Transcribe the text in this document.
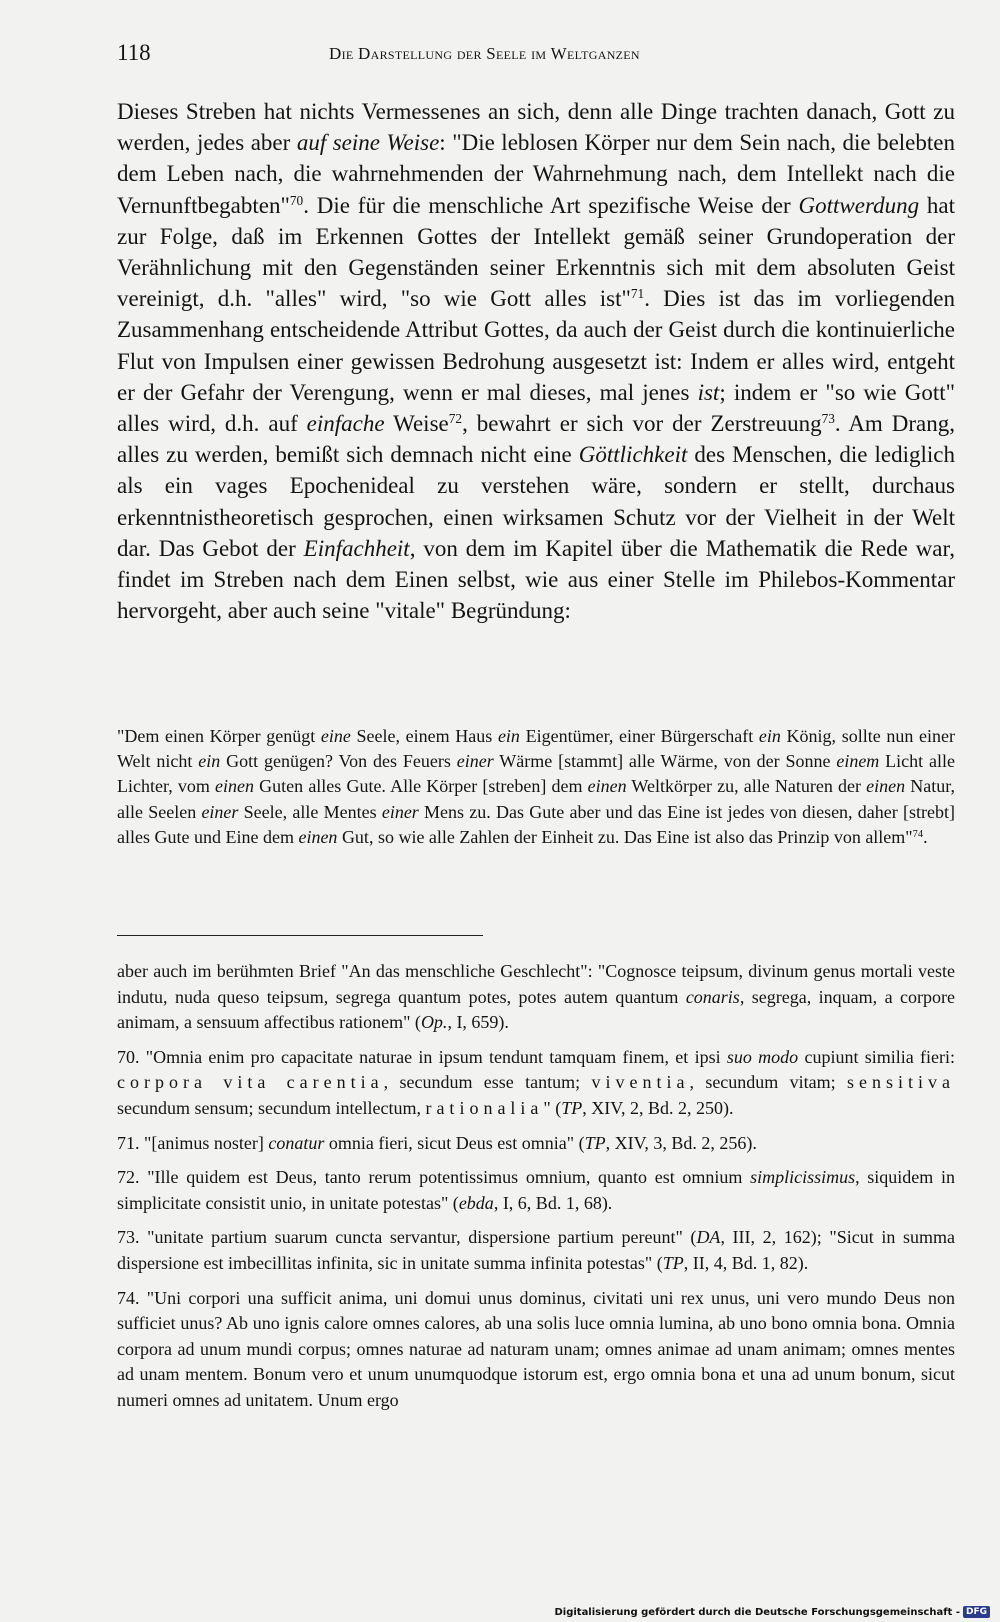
118	Die Darstellung der Seele im Weltganzen

Dieses Streben hat nichts Vermessenes an sich, denn alle Dinge trachten danach, Gott zu werden, jedes aber auf seine Weise: "Die leblosen Körper nur dem Sein nach, die belebten dem Leben nach, die wahrnehmenden der Wahrnehmung nach, dem Intellekt nach die Vernunftbegabten"$^{70}$. Die für die menschliche Art spezifische Weise der Gottwerdung hat zur Folge, daß im Erkennen Gottes der Intellekt gemäß seiner Grundoperation der Verähnlichung mit den Gegenständen seiner Erkenntnis sich mit dem absoluten Geist vereinigt, d.h. "alles" wird, "so wie Gott alles ist"$^{71}$. Dies ist das im vorliegenden Zusammenhang entscheidende Attribut Gottes, da auch der Geist durch die kontinuierliche Flut von Impulsen einer gewissen Bedrohung ausgesetzt ist: Indem er alles wird, entgeht er der Gefahr der Verengung, wenn er mal dieses, mal jenes ist; indem er "so wie Gott" alles wird, d.h. auf einfache Weise$^{72}$, bewahrt er sich vor der Zerstreuung$^{73}$. Am Drang, alles zu werden, bemißt sich demnach nicht eine Göttlichkeit des Menschen, die lediglich als ein vages Epochenideal zu verstehen wäre, sondern er stellt, durchaus erkenntnistheoretisch gesprochen, einen wirksamen Schutz vor der Vielheit in der Welt dar. Das Gebot der Einfachheit, von dem im Kapitel über die Mathematik die Rede war, findet im Streben nach dem Einen selbst, wie aus einer Stelle im Philebos-Kommentar hervorgeht, aber auch seine "vitale" Begründung:

"Dem einen Körper genügt eine Seele, einem Haus ein Eigentümer, einer Bürgerschaft ein König, sollte nun einer Welt nicht ein Gott genügen? Von des Feuers einer Wärme [stammt] alle Wärme, von der Sonne einem Licht alle Lichter, vom einen Guten alles Gute. Alle Körper [streben] dem einen Weltkörper zu, alle Naturen der einen Natur, alle Seelen einer Seele, alle Mentes einer Mens zu. Das Gute aber und das Eine ist jedes von diesen, daher [strebt] alles Gute und Eine dem einen Gut, so wie alle Zahlen der Einheit zu. Das Eine ist also das Prinzip von allem"$^{74}$.

aber auch im berühmten Brief "An das menschliche Geschlecht": "Cognosce teipsum, divinum genus mortali veste indutu, nuda queso teipsum, segrega quantum potes, potes autem quantum conaris, segrega, inquam, a corpore animam, a sensuum affectibus rationem" (Op., I, 659).

70. "Omnia enim pro capacitate naturae in ipsum tendunt tamquam finem, et ipsi suo modo cupiunt similia fieri: corpora vita carentia, secundum esse tantum; viventia, secundum vitam; sensitiva secundum sensum; secundum intellectum, rationalia" (TP, XIV, 2, Bd. 2, 250).

71. "[animus noster] conatur omnia fieri, sicut Deus est omnia" (TP, XIV, 3, Bd. 2, 256).

72. "Ille quidem est Deus, tanto rerum potentissimus omnium, quanto est omnium simplicissimus, siquidem in simplicitate consistit unio, in unitate potestas" (ebda, I, 6, Bd. 1, 68).

73. "unitate partium suarum cuncta servantur, dispersione partium pereunt" (DA, III, 2, 162); "Sicut in summa dispersione est imbecillitas infinita, sic in unitate summa infinita potestas" (TP, II, 4, Bd. 1, 82).

74. "Uni corpori una sufficit anima, uni domui unus dominus, civitati uni rex unus, uni vero mundo Deus non sufficiet unus? Ab uno ignis calore omnes calores, ab una solis luce omnia lumina, ab uno bono omnia bona. Omnia corpora ad unum mundi corpus; omnes naturae ad naturam unam; omnes animae ad unam animam; omnes mentes ad unam mentem. Bonum vero et unum unumquodque istorum est, ergo omnia bona et una ad unum bonum, sicut numeri omnes ad unitatem. Unum ergo

Digitalisierung gefördert durch die Deutsche Forschungsgemeinschaft - DFG
